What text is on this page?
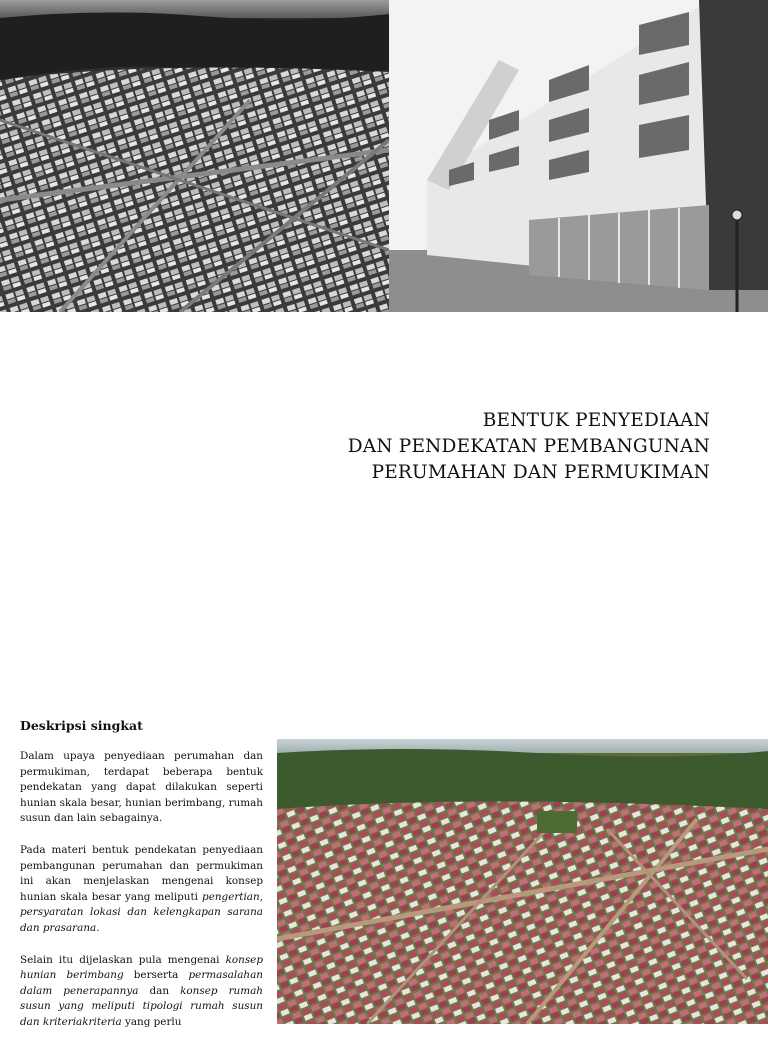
BENTUK PENYEDIAAN
DAN PENDEKATAN PEMBANGUNAN
PERUMAHAN DAN PERMUKIMAN
Deskripsi singkat

Dalam upaya penyediaan perumahan dan permukiman, terdapat beberapa bentuk pendekatan yang dapat dilakukan seperti hunian skala besar, hunian berimbang, rumah susun dan lain sebagainya.

Pada materi bentuk pendekatan penyediaan pembangunan perumahan dan permukiman ini akan menjelaskan mengenai konsep hunian skala besar yang meliputi pengertian, persyaratan lokasi dan kelengkapan sarana dan prasarana.

Selain itu dijelaskan pula mengenai konsep hunian berimbang berserta permasalahan dalam penerapannya dan konsep rumah susun yang meliputi tipologi rumah susun dan kriteriakriteria yang perlu
